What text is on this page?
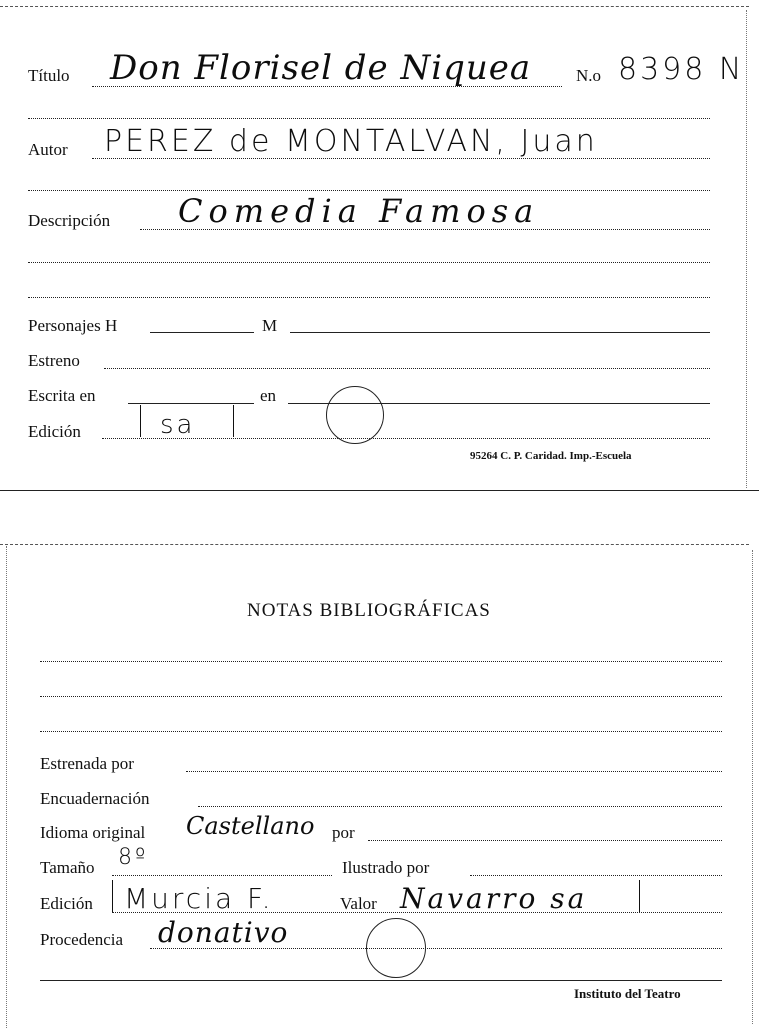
Título Don Florisel de Niquea	N.o 8398 N
Autor PEREZ de MONTALVAN, Juan
Descripción Comedia Famosa
Personajes H	M
Estreno
Escrita en	en
Edición	sa
95264 C. P. Caridad. Imp.-Escuela
NOTAS BIBLIOGRÁFICAS
Estrenada por
Encuadernación
Idioma original Castellano por
Tamaño 8º	Ilustrado por
Edición Murcia F.	Valor Navarro sa
Procedencia donativo
Instituto del Teatro
